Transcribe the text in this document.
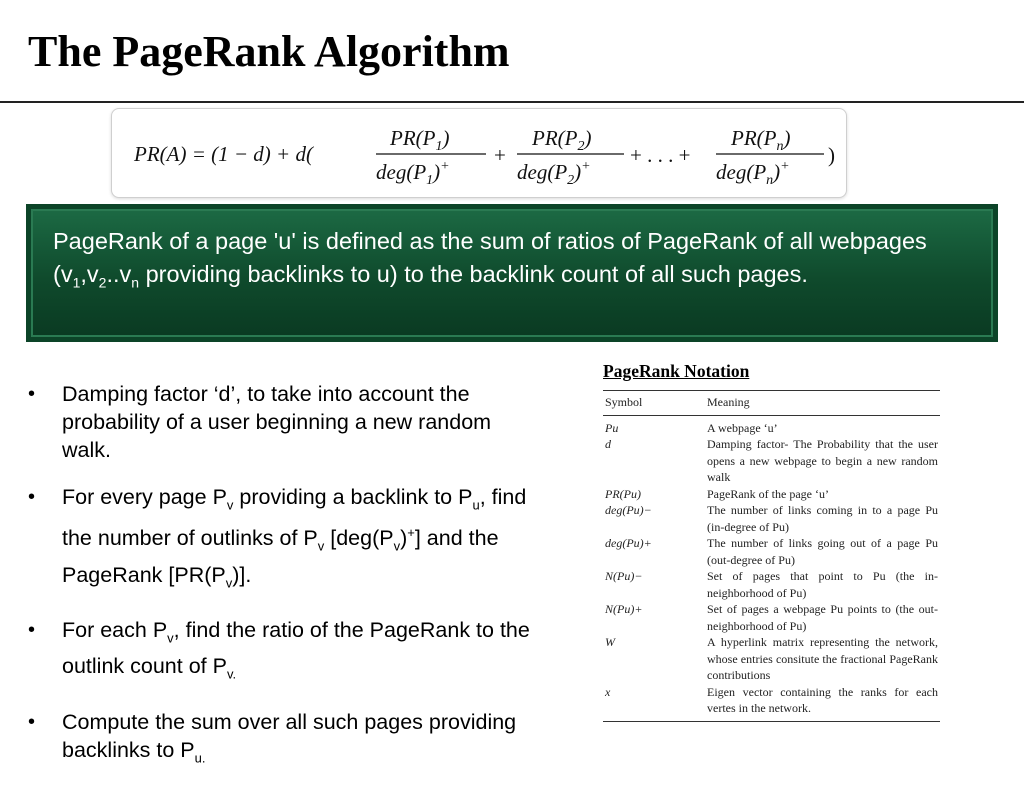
The PageRank Algorithm
PR(A) = (1 − d) + d(
$PR(P_1)$
$deg(P_1)^+$ +
$PR(P_2)$
$deg(P_2)^+$ + . . . +
$PR(P_n)$
$deg(P_n)^+$ )

PageRank of a page 'u' is defined as the sum of ratios of PageRank of all webpages ($v_1,v_2..v_n$ providing backlinks to u) to the backlink count of all such pages.

• Damping factor ‘d’, to take into account the probability of a user beginning a new random walk.
• For every page $P_v$ providing a backlink to $P_u$, find the number of outlinks of $P_v$ $[deg(P_v)^+]$ and the PageRank $[PR(P_v)]$.
• For each $P_v$, find the ratio of the PageRank to the outlink count of $P_{v.}$
• Compute the sum over all such pages providing backlinks to $P_{u.}$

PageRank Notation

Symbol	Meaning
Pu	A webpage ‘u’
d	Damping factor- The Probability that the user opens a new webpage to begin a new random walk
PR(Pu)	PageRank of the page ‘u’
deg(Pu)−	The number of links coming in to a page Pu (in-degree of Pu)
deg(Pu)+	The number of links going out of a page Pu (out-degree of Pu)
N(Pu)−	Set of pages that point to Pu (the in-neighborhood of Pu)
N(Pu)+	Set of pages a webpage Pu points to (the out-neighborhood of Pu)
W	A hyperlink matrix representing the network, whose entries consitute the fractional PageRank contributions
x	Eigen vector containing the ranks for each vertes in the network.
